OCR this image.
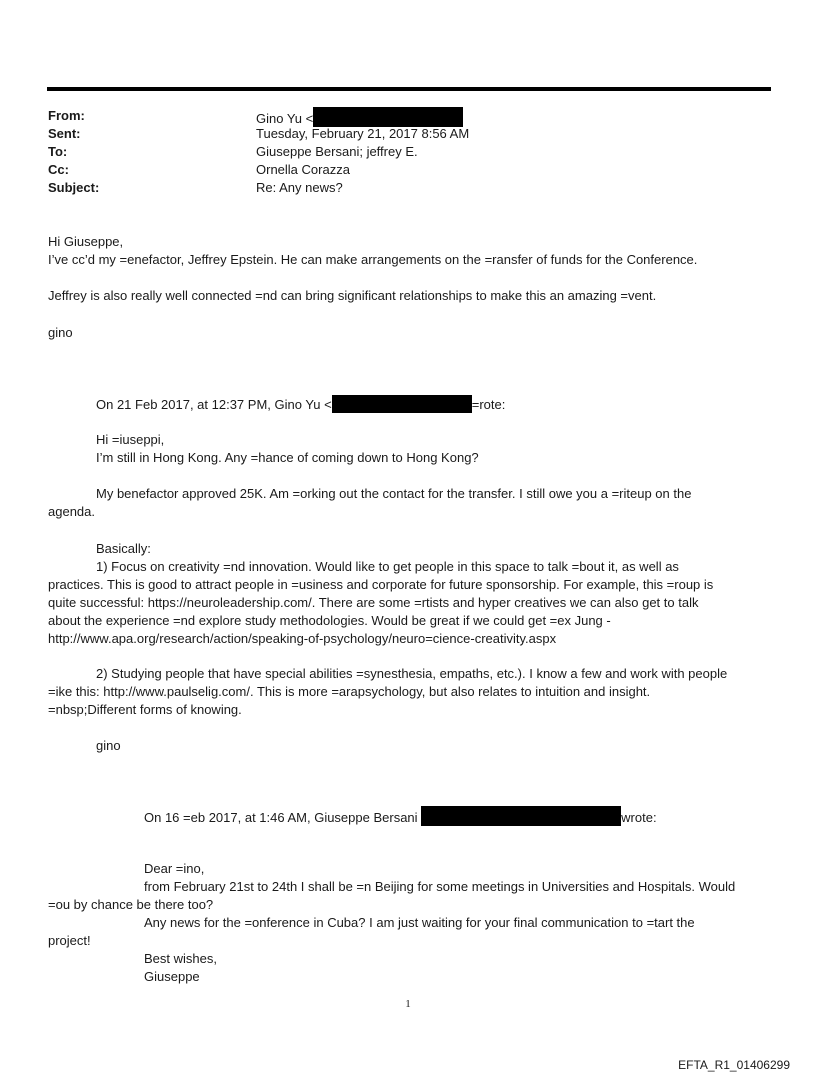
From:	Gino Yu <
Sent:	Tuesday, February 21, 2017 8:56 AM
To:	Giuseppe Bersani; jeffrey E.
Cc:	Ornella Corazza
Subject:	Re: Any news?
Hi Giuseppe,
I’ve cc’d my =enefactor, Jeffrey Epstein. He can make arrangements on the =ransfer of funds for the Conference.
Jeffrey is also really well connected =nd can bring significant relationships to make this an amazing =vent.
gino
On 21 Feb 2017, at 12:37 PM, Gino Yu <	=rote:
Hi =iuseppi,
I’m still in Hong Kong. Any =hance of coming down to Hong Kong?
My benefactor approved 25K. Am =orking out the contact for the transfer. I still owe you a =riteup on the
agenda.
Basically:
1) Focus on creativity =nd innovation. Would like to get people in this space to talk =bout it, as well as
practices. This is good to attract people in =usiness and corporate for future sponsorship. For example, this =roup is
quite successful: https://neuroleadership.com/. There are some =rtists and hyper creatives we can also get to talk
about the experience =nd explore study methodologies. Would be great if we could get =ex Jung -
http://www.apa.org/research/action/speaking-of-psychology/neuro=cience-creativity.aspx
2) Studying people that have special abilities =synesthesia, empaths, etc.). I know a few and work with people
=ike this: http://www.paulselig.com/. This is more =arapsychology, but also relates to intuition and insight.
=nbsp;Different forms of knowing.
gino
On 16 =eb 2017, at 1:46 AM, Giuseppe Bersani	wrote:
Dear =ino,
from February 21st to 24th I shall be =n Beijing for some meetings in Universities and Hospitals. Would
=ou by chance be there too?
Any news for the =onference in Cuba? I am just waiting for your final communication to =tart the
project!
Best wishes,
Giuseppe
1
EFTA_R1_01406299
